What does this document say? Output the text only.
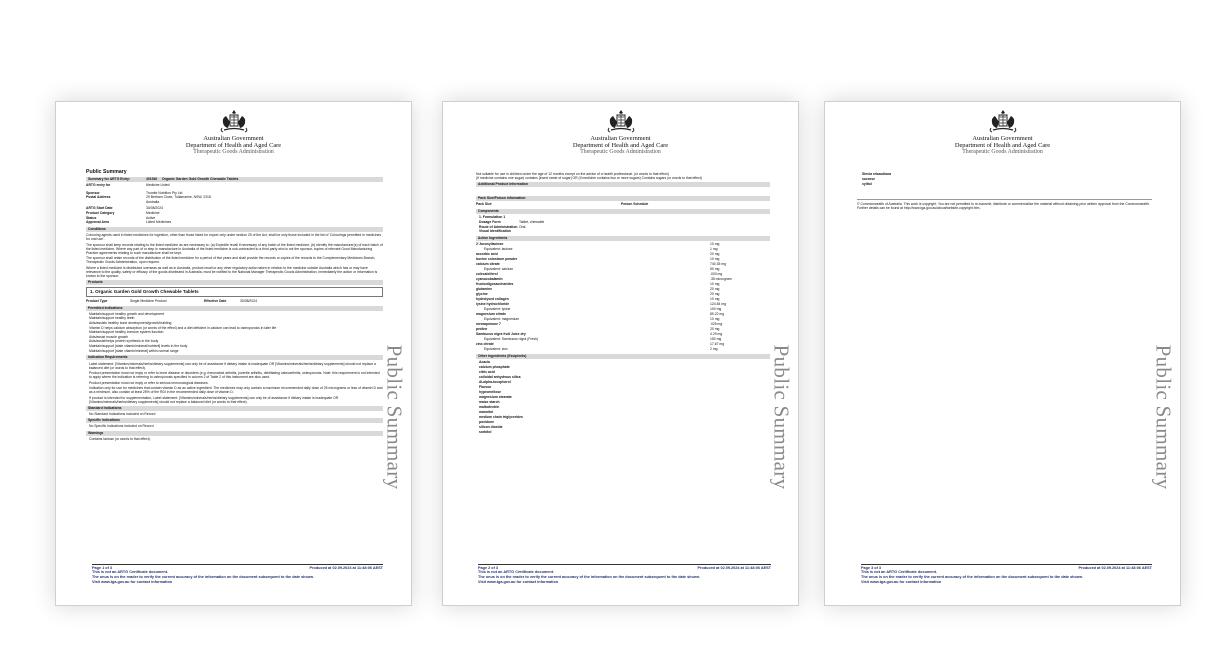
Australian Government
Department of Health and Aged Care
Therapeutic Goods Administration
Public Summary
Summary for ARTG Entry:	401540	Organic Garden Gold Growth Chewable Tablets
ARTG entry for	Medicine Listed
Sponsor	Trumite Nutrition Pty Ltd
Postal Address	29 Bertram Close, Tullamarine, NSW, 2318 Australia
ARTG Start Date	30/08/2024
Product Category	Medicine
Status	Active
Approval Area	Listed Medicines
Conditions
Colouring agents used in listed medicines for ingestion, other than those listed for export only under section 25 of the Act, shall be only those included in the list of 'Colourings permitted in medicines for oral use'.
The sponsor shall keep records relating to the listed medicine as are necessary to: (a) Expedite recall if necessary of any batch of the listed medicine, (b) Identify the manufacturer(s) of each batch of the listed medicine. Where any part of or step in manufacture in Australia of the listed medicine is sub-contracted to a third party who is not the sponsor, copies of relevant Good Manufacturing Practice agreements relating to such manufacture shall be kept.
The sponsor shall retain records of the distribution of the listed medicine for a period of five years and shall provide the records or copies of the records to the Complementary Medicines Branch, Therapeutic Goods Administration, upon request.
Where a listed medicine is distributed overseas as well as in Australia, product recall or any other regulatory action taken in relation to the medicine outside Australia which has or may have relevance to the quality, safety or efficacy of the goods distributed in Australia, must be notified to the National Manager Therapeutic Goods Administration, immediately the action or information is known to the sponsor.
Products
1. Organic Garden Gold Growth Chewable Tablets
Product Type	Single Medicine Product	Effective Date	30/08/2024
Permitted Indications
Maintain/support healthy growth and development
Maintain/support healthy teeth
Aids/assists healthy bone development/growth/building
Vitamin D helps calcium absorption (or words of the effect) and a diet deficient in calcium can lead to osteoporosis in later life
Maintain/support healthy immune system function
Aids/assist muscle growth
Aids/assist/helps protein synthesis in the body
Maintain/support [state vitamin/mineral/nutrient] levels in the body
Maintain/support [state vitamin/mineral] within normal range
Indication Requirements
Label statement: [Vitamins/minerals/herbs/dietary supplements] can only be of assistance if dietary intake is inadequate OR [Vitamins/minerals/herbs/dietary supplements] should not replace a balanced diet (or words to that effect).
Product presentation must not imply or refer to bone disease or disorders (e.g. rheumatoid arthritis, juvenile arthritis, debilitating osteoarthritis, osteoporosis. Note: this requirement is not intended to apply where the indication is referring to osteoporosis specified in column 2 of Table 2 of this instrument are also used.
Product presentation must not imply or refer to serious immunological diseases.
Indication only for use for medicines that contain vitamin D as an active ingredient. The medicines may only contain a maximum recommended daily dose of 25 micrograms or less of vitamin D and as a minimum, also contain at least 25% of the RDI in the recommended daily dose of vitamin D.
If product is intended for supplementation, Label statement: [Vitamins/minerals/herbs/dietary supplements] can only be of assistance if dietary intake is inadequate OR [Vitamins/minerals/herbs/dietary supplements] should not replace a balanced diet (or words to that effect).
Standard Indications
No Standard Indications included on Record
Specific Indications
No Specific Indications included on Record
Warnings
Contains lactose (or words to that effect).	Public Summary
Page 1 of 3	Produced at 02.09.2024 at 11:48:06 AEST
This is not an ARTG Certificate document.
The onus is on the reader to verify the current accuracy of the information on the document subsequent to the date shown.
Visit www.tga.gov.au for contact information
Australian Government
Department of Health and Aged Care
Therapeutic Goods Administration
Not suitable for use in children under the age of 12 months except on the advice of a health professional. (or words to that effect)
(If medicine contains one sugar) contains [insert name of sugar] OR (If medicine contains two or more sugars) Contains sugars (or words to that effect)
Additional Product information
Pack Size/Poison information
Pack Size	Poison Schedule
Components
1. Formulation 1
Dosage Form	Tablet, chewable
Route of Administration Oral
Visual Identification
Active Ingredients
2'-fucosyllactose	10 mg
Equivalent: lactose	1 mg
ascorbic acid	20 mg
bovine colostrum powder	10 mg
calcium citrate	740.35 mg
Equivalent: calcium	50 mg
colecalciferol	.003 mg
cyanocobalamin	.35 microgram
fructooligosaccharides	10 mg
glutamine	20 mg
glycine	20 mg
hydrolysed collagen	10 mg
lysine hydrochloride	124.84 mg
Equivalent: lysine	100 mg
magnesium citrate	89.22 mg
Equivalent: magnesium	10 mg
menaquinone 7	.025 mg
proline	20 mg
Sambucus nigra fruit Juice dry	4.29 mg
Equivalent: Sambucus nigra (Fresh)	150 mg
zinc citrate	17.67 mg
Equivalent: zinc	2 mg
Other Ingredients (Excipients)
Acacia
calcium phosphate
citric acid
colloidal anhydrous silica
dl-alpha-tocopherol
Flavour
hypromellose
magnesium stearate
maize starch
maltodextrin
mannitol
medium chain triglycerides
povidone
silicon dioxide
sorbitol	Public Summary
Page 2 of 3	Produced at 02.09.2024 at 11:48:06 AEST
This is not an ARTG Certificate document.
The onus is on the reader to verify the current accuracy of the information on the document subsequent to the date shown.
Visit www.tga.gov.au for contact information
Australian Government
Department of Health and Aged Care
Therapeutic Goods Administration
Stevia rebaudiana
sucrose
xylitol
© Commonwealth of Australia. This work is copyright. You are not permitted to re-transmit, distribute or commercialise the material without obtaining prior written approval from the Commonwealth. Further details can be found at http://www.tga.gov.au/about/website-copyright.htm.
Public Summary
Page 3 of 3	Produced at 02.09.2024 at 11:48:06 AEST
This is not an ARTG Certificate document.
The onus is on the reader to verify the current accuracy of the information on the document subsequent to the date shown.
Visit www.tga.gov.au for contact information
